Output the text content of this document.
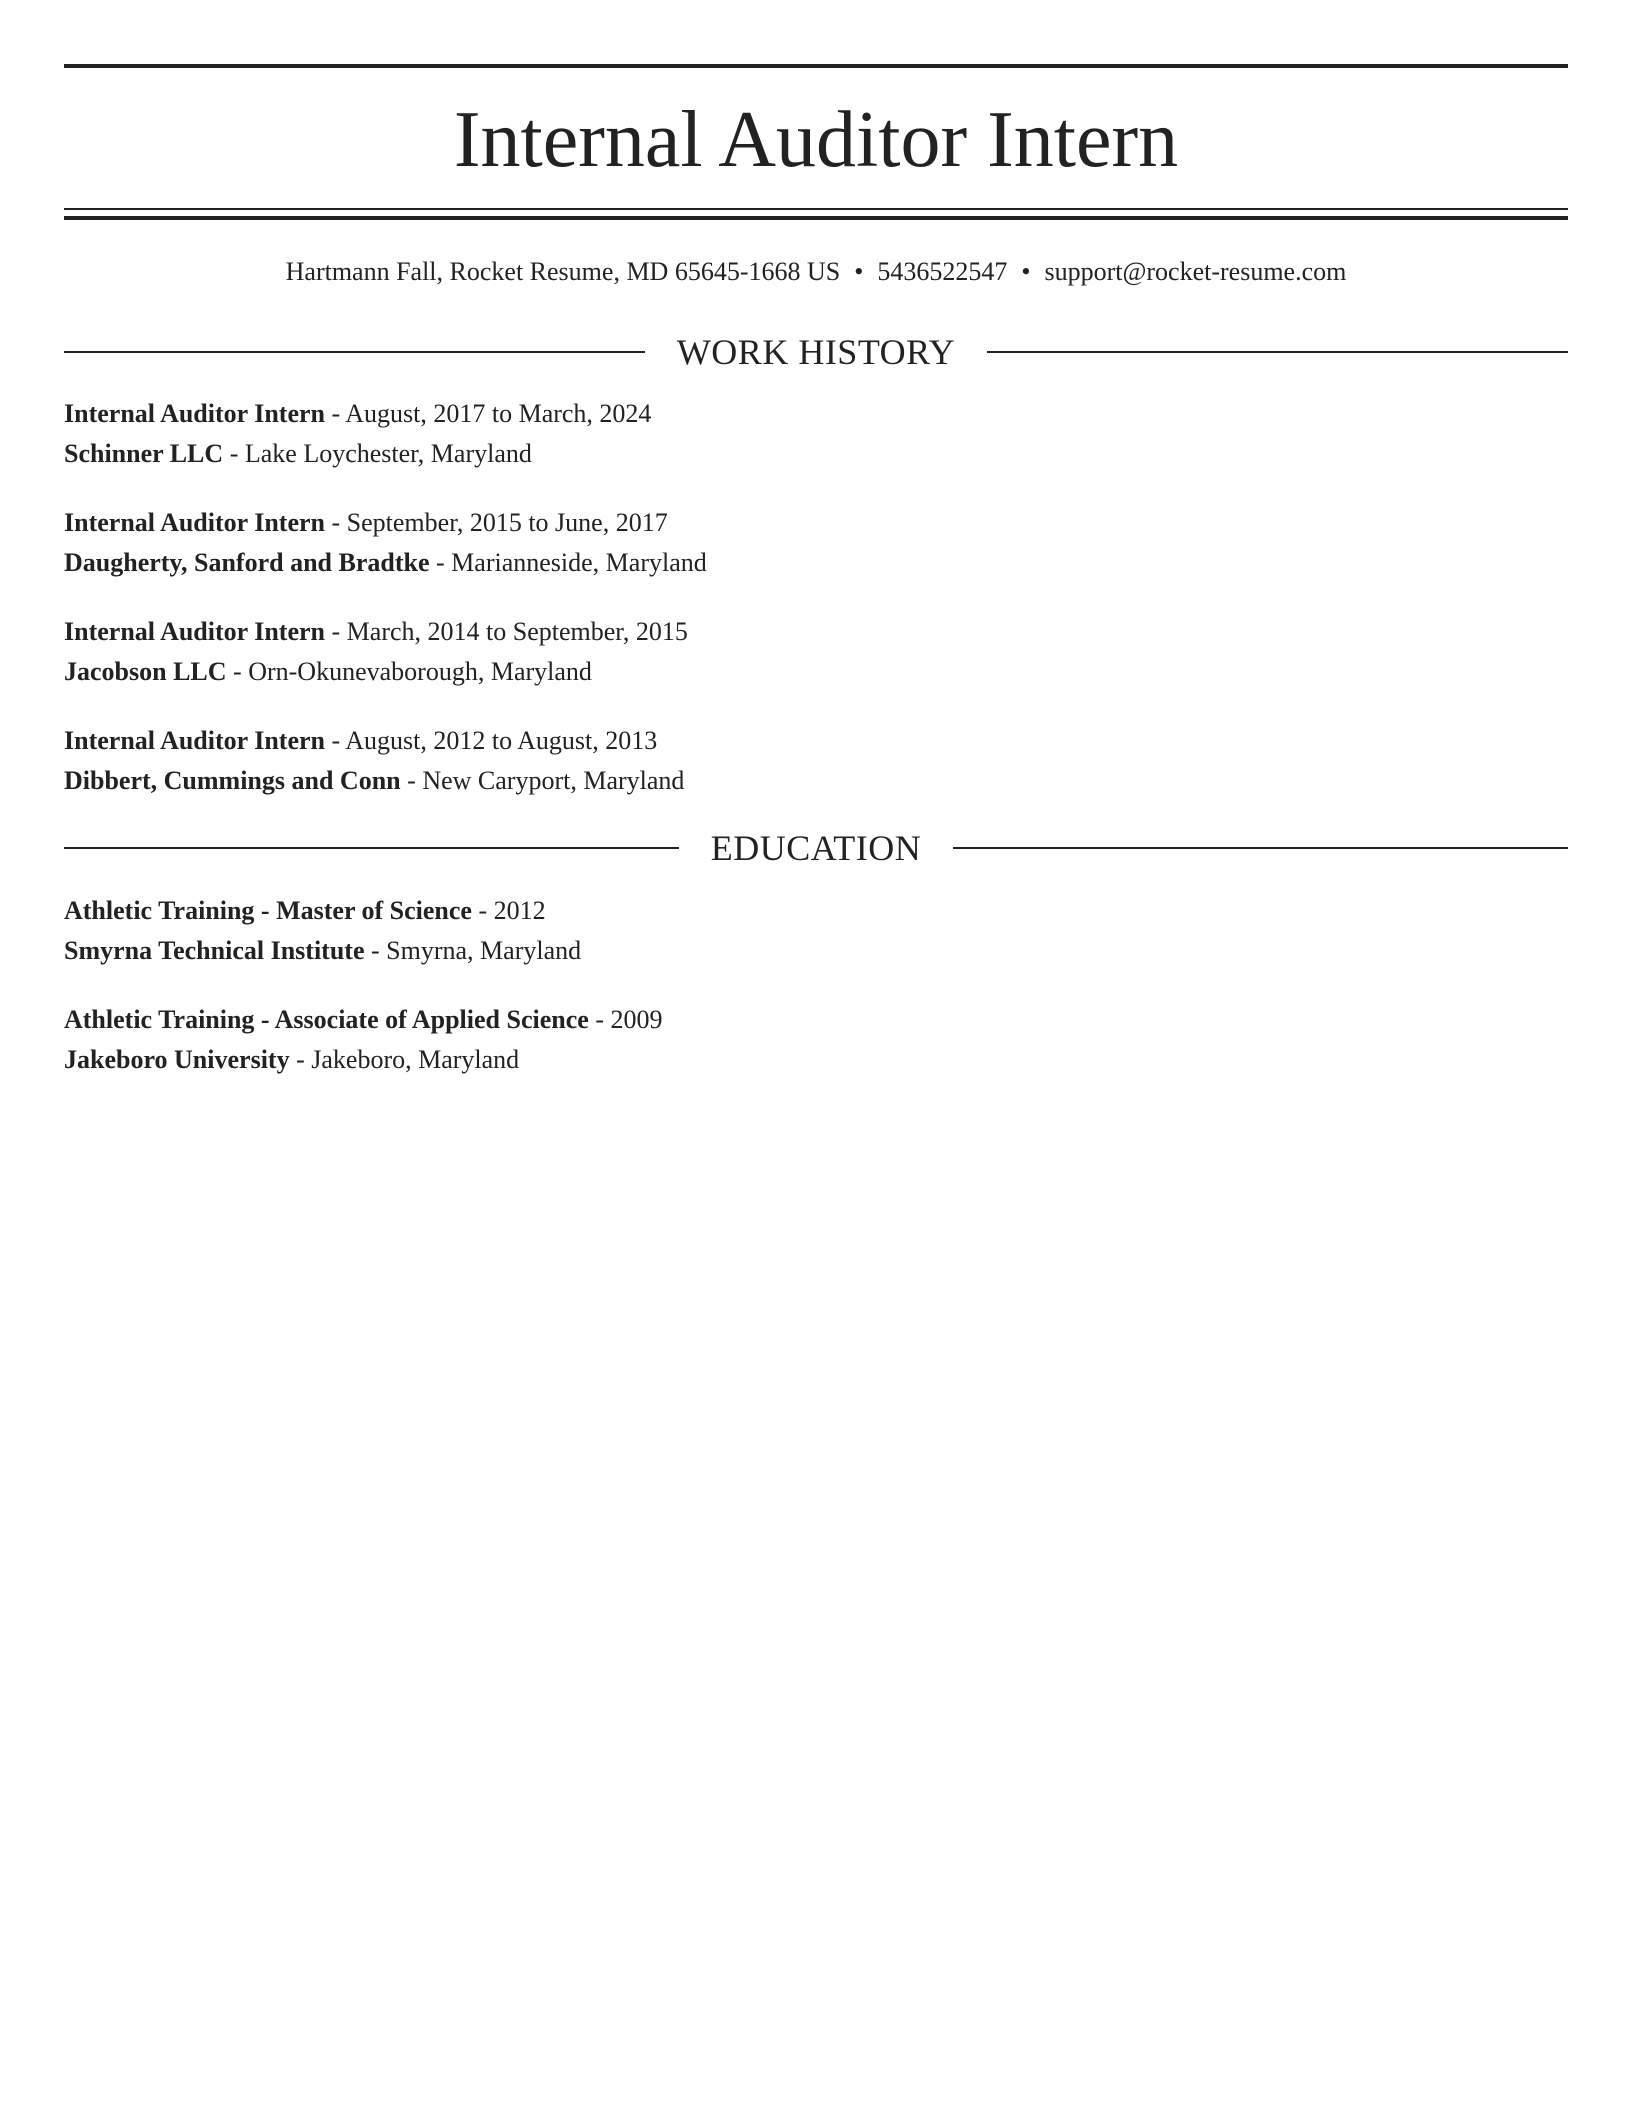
Internal Auditor Intern
Hartmann Fall, Rocket Resume, MD 65645-1668 US • 5436522547 • support@rocket-resume.com
WORK HISTORY
Internal Auditor Intern - August, 2017 to March, 2024
Schinner LLC - Lake Loychester, Maryland
Internal Auditor Intern - September, 2015 to June, 2017
Daugherty, Sanford and Bradtke - Marianneside, Maryland
Internal Auditor Intern - March, 2014 to September, 2015
Jacobson LLC - Orn-Okunevaborough, Maryland
Internal Auditor Intern - August, 2012 to August, 2013
Dibbert, Cummings and Conn - New Caryport, Maryland
EDUCATION
Athletic Training - Master of Science - 2012
Smyrna Technical Institute - Smyrna, Maryland
Athletic Training - Associate of Applied Science - 2009
Jakeboro University - Jakeboro, Maryland
